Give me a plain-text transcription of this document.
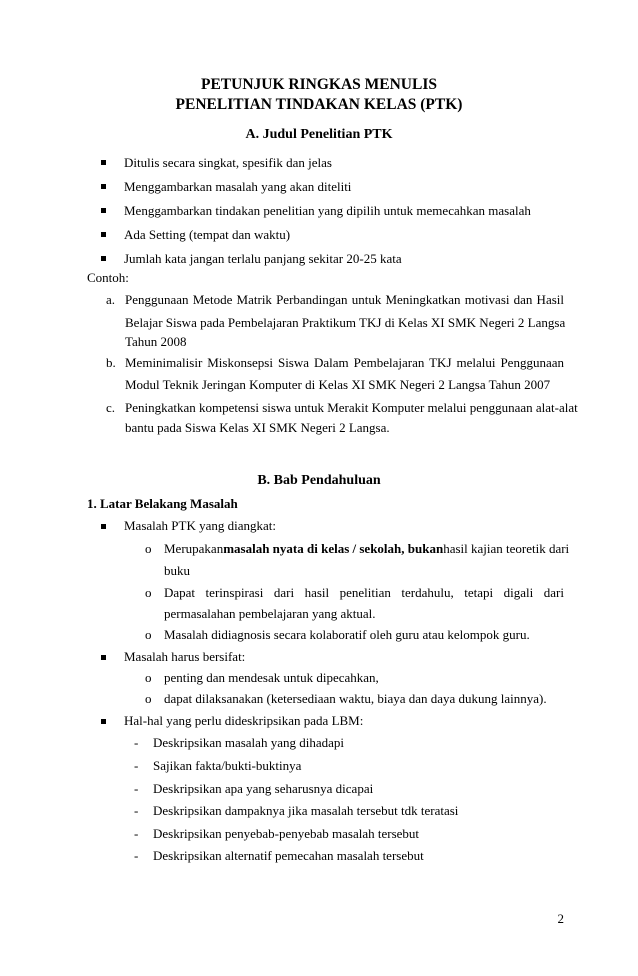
PETUNJUK RINGKAS MENULIS
PENELITIAN TINDAKAN KELAS (PTK)
A. Judul Penelitian PTK
Ditulis secara singkat, spesifik dan jelas
Menggambarkan masalah yang akan diteliti
Menggambarkan tindakan penelitian yang dipilih untuk memecahkan masalah
Ada Setting (tempat dan waktu)
Jumlah kata jangan terlalu panjang sekitar 20-25 kata
Contoh:
a. Penggunaan Metode Matrik Perbandingan untuk Meningkatkan motivasi dan Hasil
Belajar Siswa pada Pembelajaran Praktikum TKJ di Kelas XI SMK Negeri 2 Langsa
Tahun 2008
b. Meminimalisir Miskonsepsi Siswa Dalam Pembelajaran TKJ melalui Penggunaan
Modul Teknik Jeringan Komputer di Kelas XI SMK Negeri 2 Langsa Tahun 2007
c. Peningkatkan kompetensi siswa untuk Merakit Komputer melalui penggunaan alat-alat
bantu pada Siswa Kelas XI SMK Negeri 2 Langsa.
B. Bab Pendahuluan
1. Latar Belakang Masalah
Masalah PTK yang diangkat:
o Merupakan masalah nyata di kelas / sekolah, bukan hasil kajian teoretik dari
buku
o Dapat terinspirasi dari hasil penelitian terdahulu, tetapi digali dari
permasalahan pembelajaran yang aktual.
o Masalah didiagnosis secara kolaboratif oleh guru atau kelompok guru.
Masalah harus bersifat:
o penting dan mendesak untuk dipecahkan,
o dapat dilaksanakan (ketersediaan waktu, biaya dan daya dukung lainnya).
Hal-hal yang perlu dideskripsikan pada LBM:
- Deskripsikan masalah yang dihadapi
- Sajikan fakta/bukti-buktinya
- Deskripsikan apa yang seharusnya dicapai
- Deskripsikan dampaknya jika masalah tersebut tdk teratasi
- Deskripsikan penyebab-penyebab masalah tersebut
- Deskripsikan alternatif pemecahan masalah tersebut
2
